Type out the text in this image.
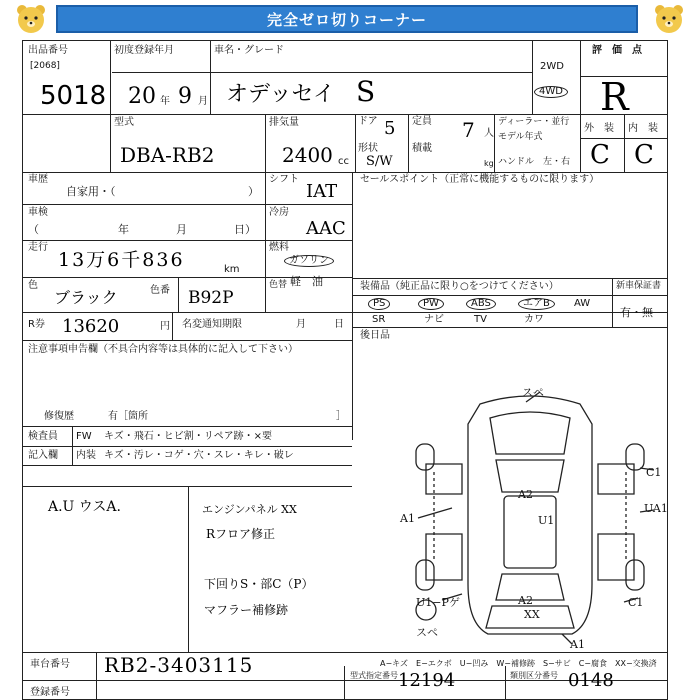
完全ゼロ切りコーナー
出品番号
[2068]
5018
初度登録年月
20 年 9 月
車名・グレード
オデッセイ S
2WD
4WD
評　価　点
R
型式
DBA-RB2
排気量
2400 cc
ドア 5
形状
S/W
定員 7 人
積載
kg
ディーラー・並行
モデル年式
ハンドル　左・右
外　装 内　装
C C
車歴
自家用・（	）
シフト
IAT
セールスポイント（正常に機能するものに限ります）
車検
（	年	月	日）
冷房
AAC
走行
13万6千836	km
燃料
ガソリン
軽　油
色
ブラック	色番 B92P
色替
R券 13620	円 名変通知期限	月	日
装備品（純正品に限り○をつけてください）	新車保証書
PS	PW	ABS	エアB	AW
SR	ナビ	TV	カワ
有・無
後日品
注意事項申告欄（不具合内容等は具体的に記入して下さい）
修復歴	有［箇所	］
検査員
記入欄
FW キズ・飛石・ヒビ割・リペア跡・×要
内装 キズ・汚レ・コゲ・穴・スレ・キレ・破レ
A.U ウスA.	エンジンパネル XX
Rフロア修正
下回りS・部C（P）
マフラー補修跡
スペ
A1
A2
U1
C1
UA1
U1−Pゲ	A2
XX
C1
スペ
A1
A−キズ　E−エクボ　U−凹み　W−補修跡　S−サビ　C−腐食　XX−交換済
車台番号 RB2-3403115
登録番号
型式指定番号 12194	類別区分番号 0148
